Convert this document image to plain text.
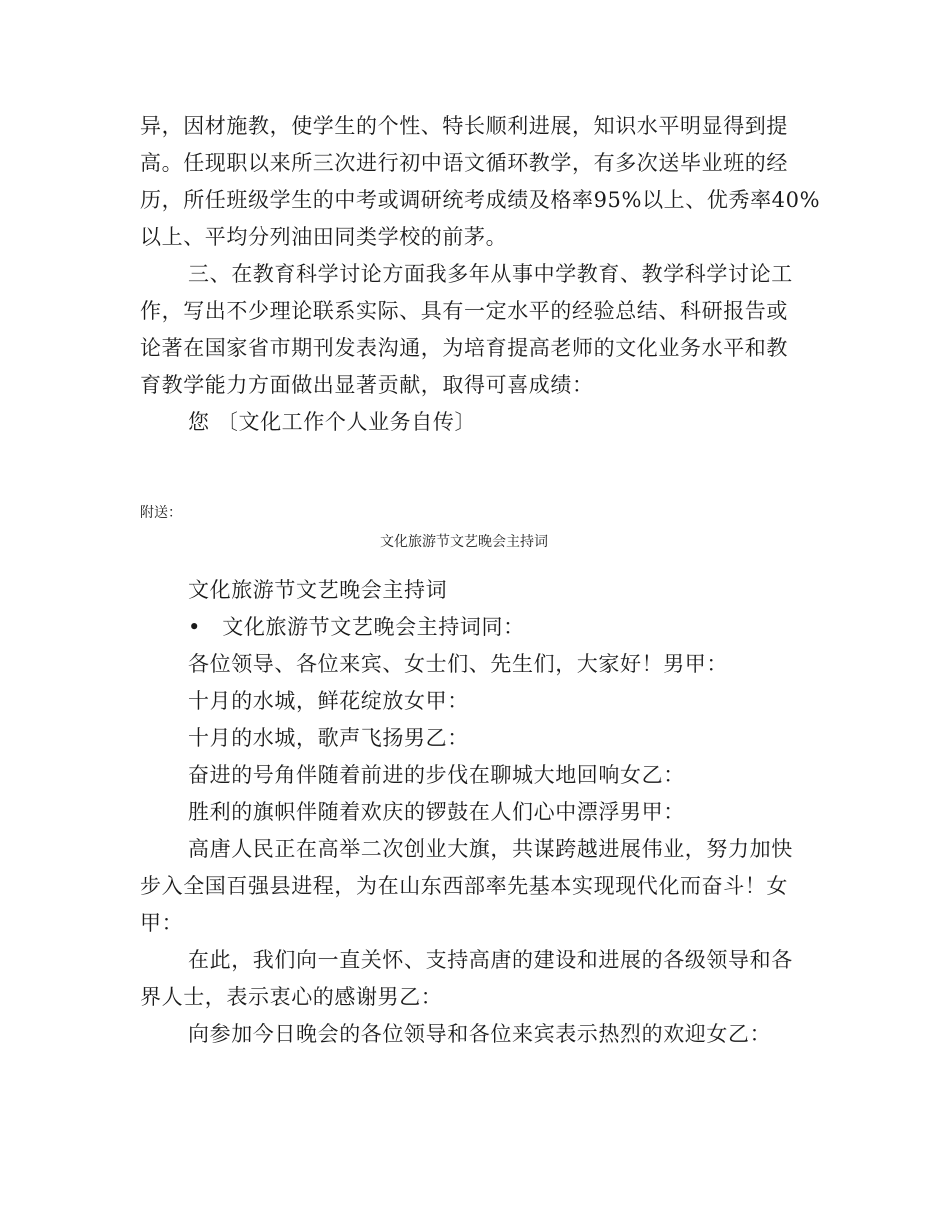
异，因材施教，使学生的个性、特长顺利进展，知识水平明显得到提
高。任现职以来所三次进行初中语文循环教学，有多次送毕业班的经
历，所任班级学生的中考或调研统考成绩及格率95%以上、优秀率40%
以上、平均分列油田同类学校的前茅。
三、在教育科学讨论方面我多年从事中学教育、教学科学讨论工
作，写出不少理论联系实际、具有一定水平的经验总结、科研报告或
论著在国家省市期刊发表沟通，为培育提高老师的文化业务水平和教
育教学能力方面做出显著贡献，取得可喜成绩：
您 〔文化工作个人业务自传〕
附送：
文化旅游节文艺晚会主持词
文化旅游节文艺晚会主持词
• 文化旅游节文艺晚会主持词同：
各位领导、各位来宾、女士们、先生们，大家好！男甲：
十月的水城，鲜花绽放女甲：
十月的水城，歌声飞扬男乙：
奋进的号角伴随着前进的步伐在聊城大地回响女乙：
胜利的旗帜伴随着欢庆的锣鼓在人们心中漂浮男甲：
高唐人民正在高举二次创业大旗，共谋跨越进展伟业，努力加快
步入全国百强县进程，为在山东西部率先基本实现现代化而奋斗！女
甲：
在此，我们向一直关怀、支持高唐的建设和进展的各级领导和各
界人士，表示衷心的感谢男乙：
向参加今日晚会的各位领导和各位来宾表示热烈的欢迎女乙：
